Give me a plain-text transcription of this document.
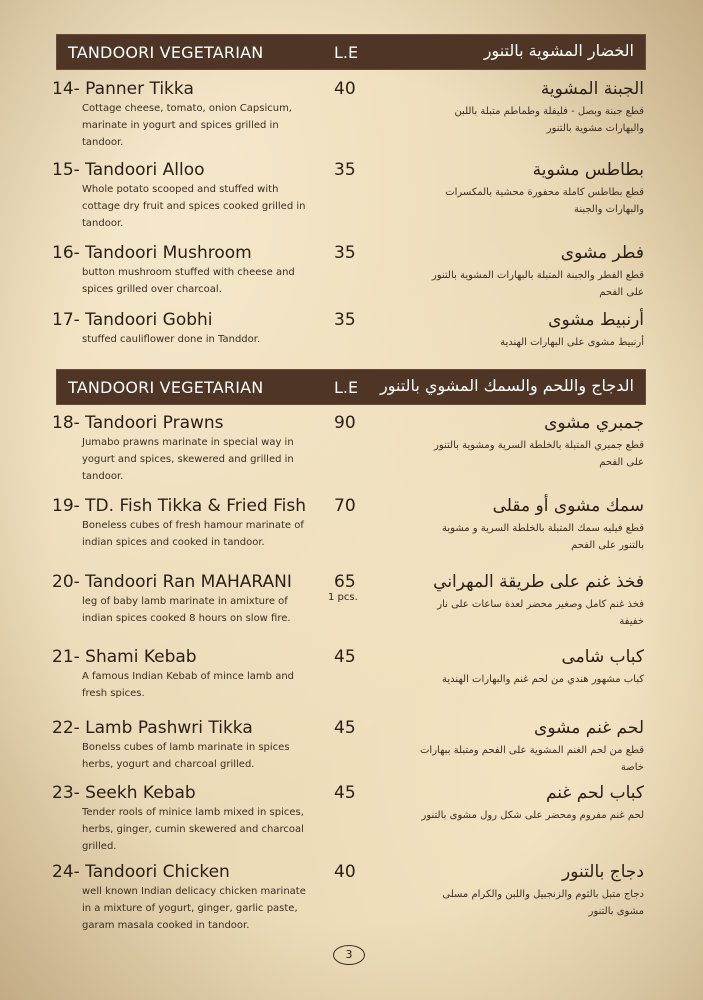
TANDOORI VEGETARIAN	L.E	الخضار المشوية بالتنور
14- Panner Tikka	40
Cottage cheese, tomato, onion Capsicum, marinate in yogurt and spices grilled in tandoor.
الجبنة المشوية
قطع جبنة وبصل - فليفلة وطماطم متبلة باللبن والبهارات مشوية بالتنور
15- Tandoori Alloo	35
Whole potato scooped and stuffed with cottage dry fruit and spices cooked grilled in tandoor.
بطاطس مشوية
قطع بطاطس كاملة محفورة محشية بالمكسرات والبهارات والجبنة
16- Tandoori Mushroom	35
button mushroom stuffed with cheese and spices grilled over charcoal.
فطر مشوى
قطع الفطر والجبنة المتبلة بالبهارات المشوية بالتنور على الفحم
17- Tandoori Gobhi	35
stuffed cauliflower done in Tanddor.
أرنبيط مشوى
أرنبيط مشوى على البهارات الهندية
TANDOORI VEGETARIAN	L.E الدجاج واللحم والسمك المشوي بالتنور
18- Tandoori Prawns	90
Jumabo prawns marinate in special way in yogurt and spices, skewered and grilled in tandoor.
جمبري مشوى
قطع جمبري المتبلة بالخلطة السرية ومشوية بالتنور على الفحم
19- TD. Fish Tikka & Fried Fish 70
Boneless cubes of fresh hamour marinate of indian spices and cooked in tandoor.
سمك مشوى أو مقلى
قطع فيليه سمك المتبلة بالخلطة السرية و مشوية بالتنور على الفحم
20- Tandoori Ran MAHARANI 65
1 pcs.
leg of baby lamb marinate in amixture of indian spices cooked 8 hours on slow fire.
فخذ غنم على طريقة المهراني
فخذ غنم كامل وصغير محضر لعدة ساعات على نار خفيفة
21- Shami Kebab	45
A famous Indian Kebab of mince lamb and fresh spices.
كباب شامى
كباب مشهور هندي من لحم غنم والبهارات الهندية
22- Lamb Pashwri Tikka	45
Bonelss cubes of lamb marinate in spices herbs, yogurt and charcoal grilled.
لحم غنم مشوى
قطع من لحم الغنم المشوية على الفحم ومتبلة ببهارات خاصة
23- Seekh Kebab	45
Tender rools of minice lamb mixed in spices, herbs, ginger, cumin skewered and charcoal grilled.
كباب لحم غنم
لحم غنم مفروم ومحضر على شكل رول مشوى بالتنور
24- Tandoori Chicken	40
well known Indian delicacy chicken marinate in a mixture of yogurt, ginger, garlic paste, garam masala cooked in tandoor.
دجاج بالتنور
دجاج متبل بالثوم والزنجبيل واللبن والكرام مسلى مشوى بالتنور
3
